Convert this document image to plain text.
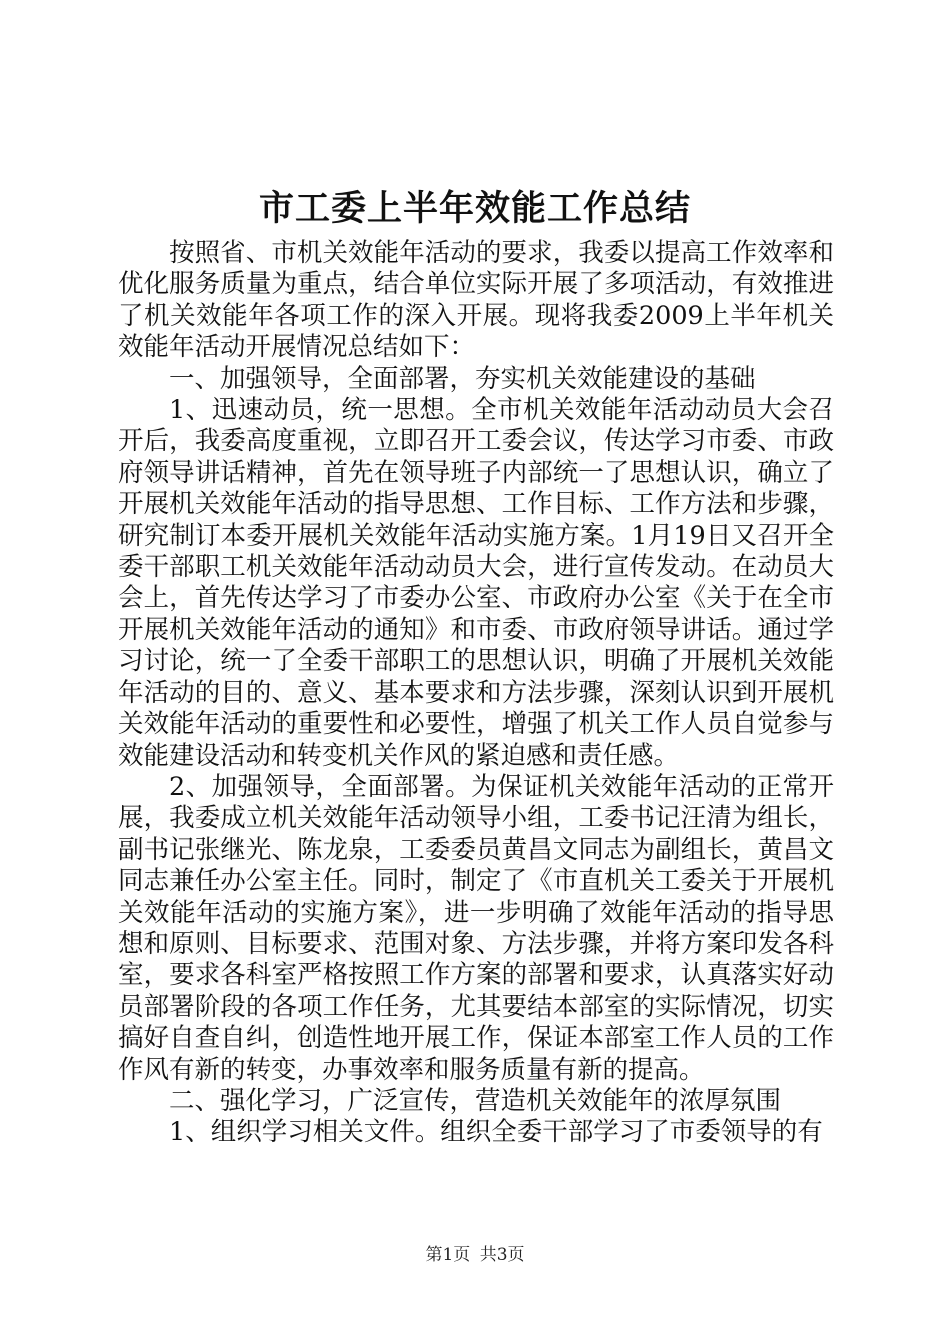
市工委上半年效能工作总结

按照省、市机关效能年活动的要求，我委以提高工作效率和优化服务质量为重点，结合单位实际开展了多项活动，有效推进了机关效能年各项工作的深入开展。现将我委2009上半年机关效能年活动开展情况总结如下：

一、加强领导，全面部署，夯实机关效能建设的基础

1、迅速动员，统一思想。全市机关效能年活动动员大会召开后，我委高度重视，立即召开工委会议，传达学习市委、市政府领导讲话精神，首先在领导班子内部统一了思想认识，确立了开展机关效能年活动的指导思想、工作目标、工作方法和步骤，研究制订本委开展机关效能年活动实施方案。1月19日又召开全委干部职工机关效能年活动动员大会，进行宣传发动。在动员大会上，首先传达学习了市委办公室、市政府办公室《关于在全市开展机关效能年活动的通知》和市委、市政府领导讲话。通过学习讨论，统一了全委干部职工的思想认识，明确了开展机关效能年活动的目的、意义、基本要求和方法步骤，深刻认识到开展机关效能年活动的重要性和必要性，增强了机关工作人员自觉参与效能建设活动和转变机关作风的紧迫感和责任感。

2、加强领导，全面部署。为保证机关效能年活动的正常开展，我委成立机关效能年活动领导小组，工委书记汪清为组长，副书记张继光、陈龙泉，工委委员黄昌文同志为副组长，黄昌文同志兼任办公室主任。同时，制定了《市直机关工委关于开展机关效能年活动的实施方案》，进一步明确了效能年活动的指导思想和原则、目标要求、范围对象、方法步骤，并将方案印发各科室，要求各科室严格按照工作方案的部署和要求，认真落实好动员部署阶段的各项工作任务，尤其要结本部室的实际情况，切实搞好自查自纠，创造性地开展工作，保证本部室工作人员的工作作风有新的转变，办事效率和服务质量有新的提高。

二、强化学习，广泛宣传，营造机关效能年的浓厚氛围

1、组织学习相关文件。组织全委干部学习了市委领导的有

第1页 共3页
